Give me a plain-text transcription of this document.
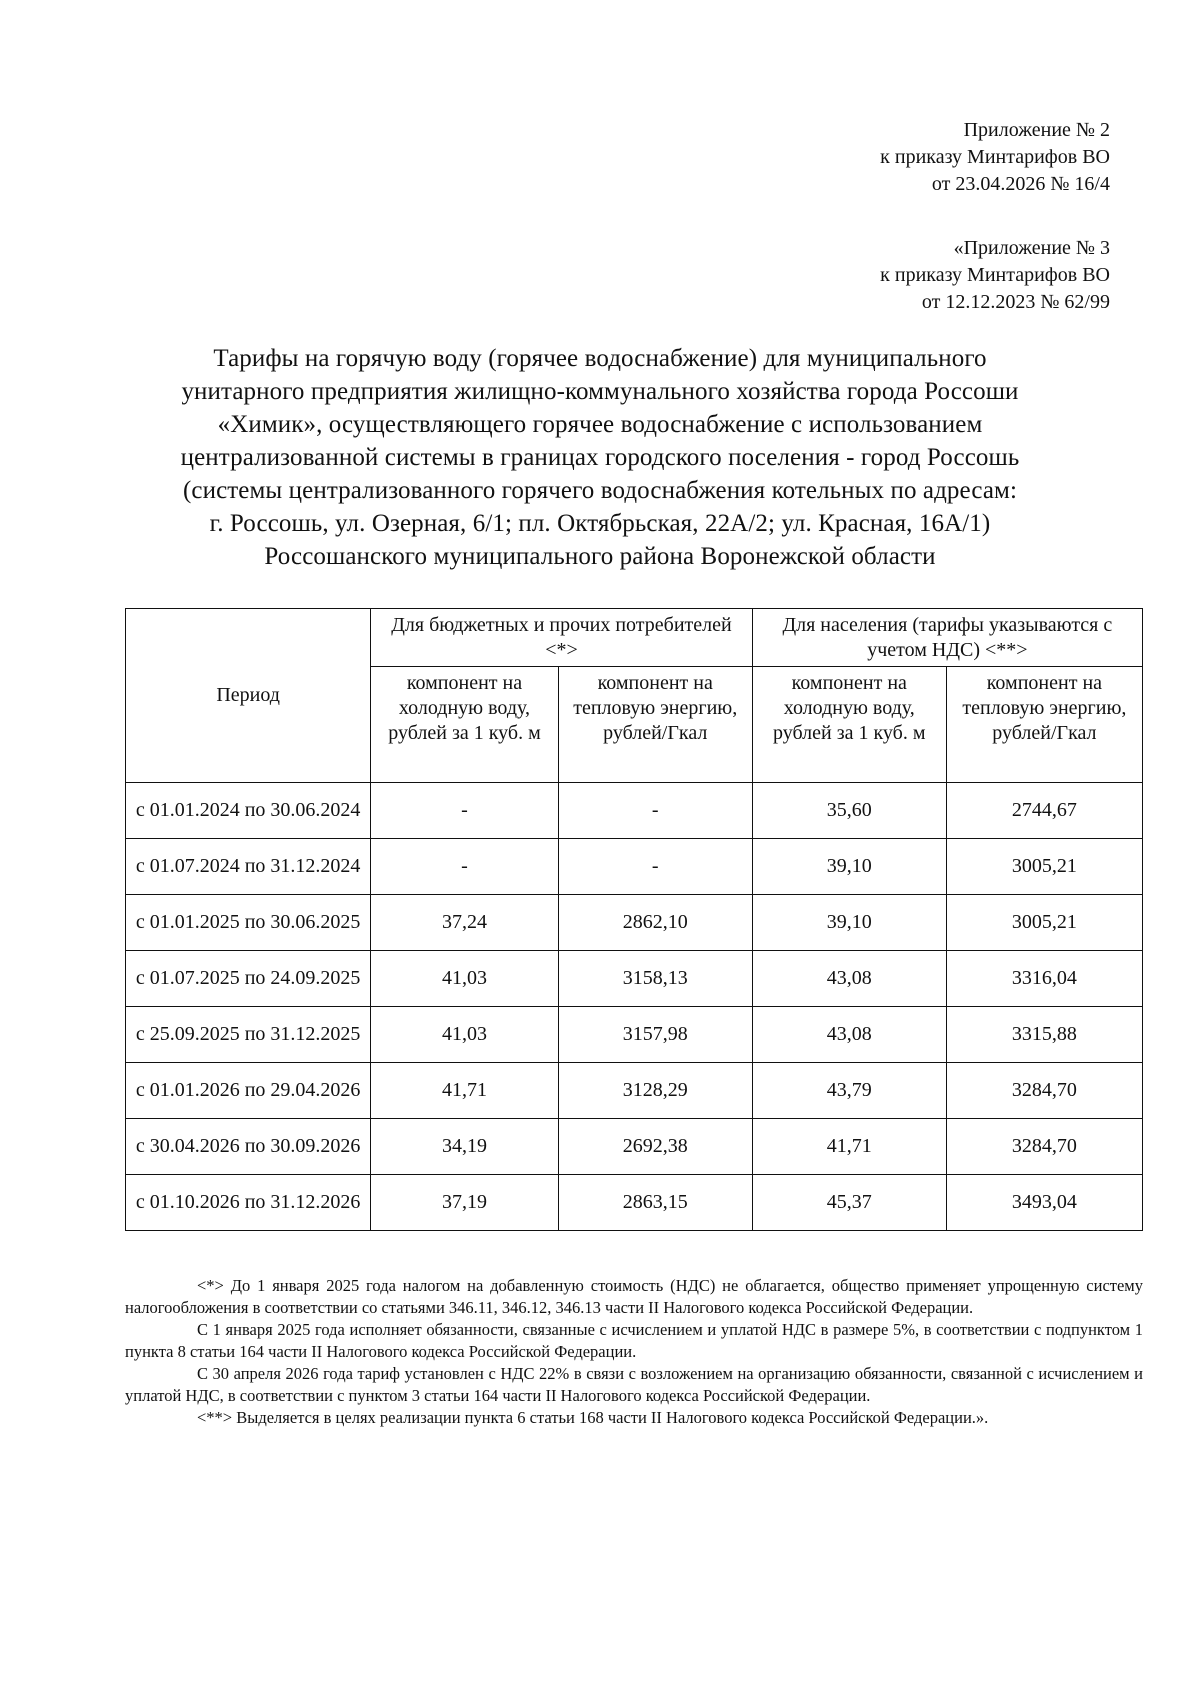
Приложение № 2
к приказу Минтарифов ВО
от 23.04.2026 № 16/4
«Приложение № 3
к приказу Минтарифов ВО
от 12.12.2023 № 62/99
Тарифы на горячую воду (горячее водоснабжение) для муниципального
унитарного предприятия жилищно-коммунального хозяйства города Россоши
«Химик», осуществляющего горячее водоснабжение с использованием
централизованной системы в границах городского поселения - город Россошь
(системы централизованного горячего водоснабжения котельных по адресам:
г. Россошь, ул. Озерная, 6/1; пл. Октябрьская, 22А/2; ул. Красная, 16А/1)
Россошанского муниципального района Воронежской области
Период	Для бюджетных и прочих потребителей <*>		Для населения (тарифы указываются с учетом НДС) <**>	
	компонент на холодную воду, рублей за 1 куб. м	компонент на тепловую энергию, рублей/Гкал	компонент на холодную воду, рублей за 1 куб. м	компонент на тепловую энергию, рублей/Гкал
с 01.01.2024 по 30.06.2024	-	-	35,60	2744,67
с 01.07.2024 по 31.12.2024	-	-	39,10	3005,21
с 01.01.2025 по 30.06.2025	37,24	2862,10	39,10	3005,21
с 01.07.2025 по 24.09.2025	41,03	3158,13	43,08	3316,04
с 25.09.2025 по 31.12.2025	41,03	3157,98	43,08	3315,88
с 01.01.2026 по 29.04.2026	41,71	3128,29	43,79	3284,70
с 30.04.2026 по 30.09.2026	34,19	2692,38	41,71	3284,70
с 01.10.2026 по 31.12.2026	37,19	2863,15	45,37	3493,04

<*> До 1 января 2025 года налогом на добавленную стоимость (НДС) не облагается, общество применяет упрощенную систему налогообложения в соответствии со статьями 346.11, 346.12, 346.13 части II Налогового кодекса Российской Федерации.

С 1 января 2025 года исполняет обязанности, связанные с исчислением и уплатой НДС в размере 5%, в соответствии с подпунктом 1 пункта 8 статьи 164 части II Налогового кодекса Российской Федерации.

С 30 апреля 2026 года тариф установлен с НДС 22% в связи с возложением на организацию обязанности, связанной с исчислением и уплатой НДС, в соответствии с пунктом 3 статьи 164 части II Налогового кодекса Российской Федерации.

<**> Выделяется в целях реализации пункта 6 статьи 168 части II Налогового кодекса Российской Федерации.».
